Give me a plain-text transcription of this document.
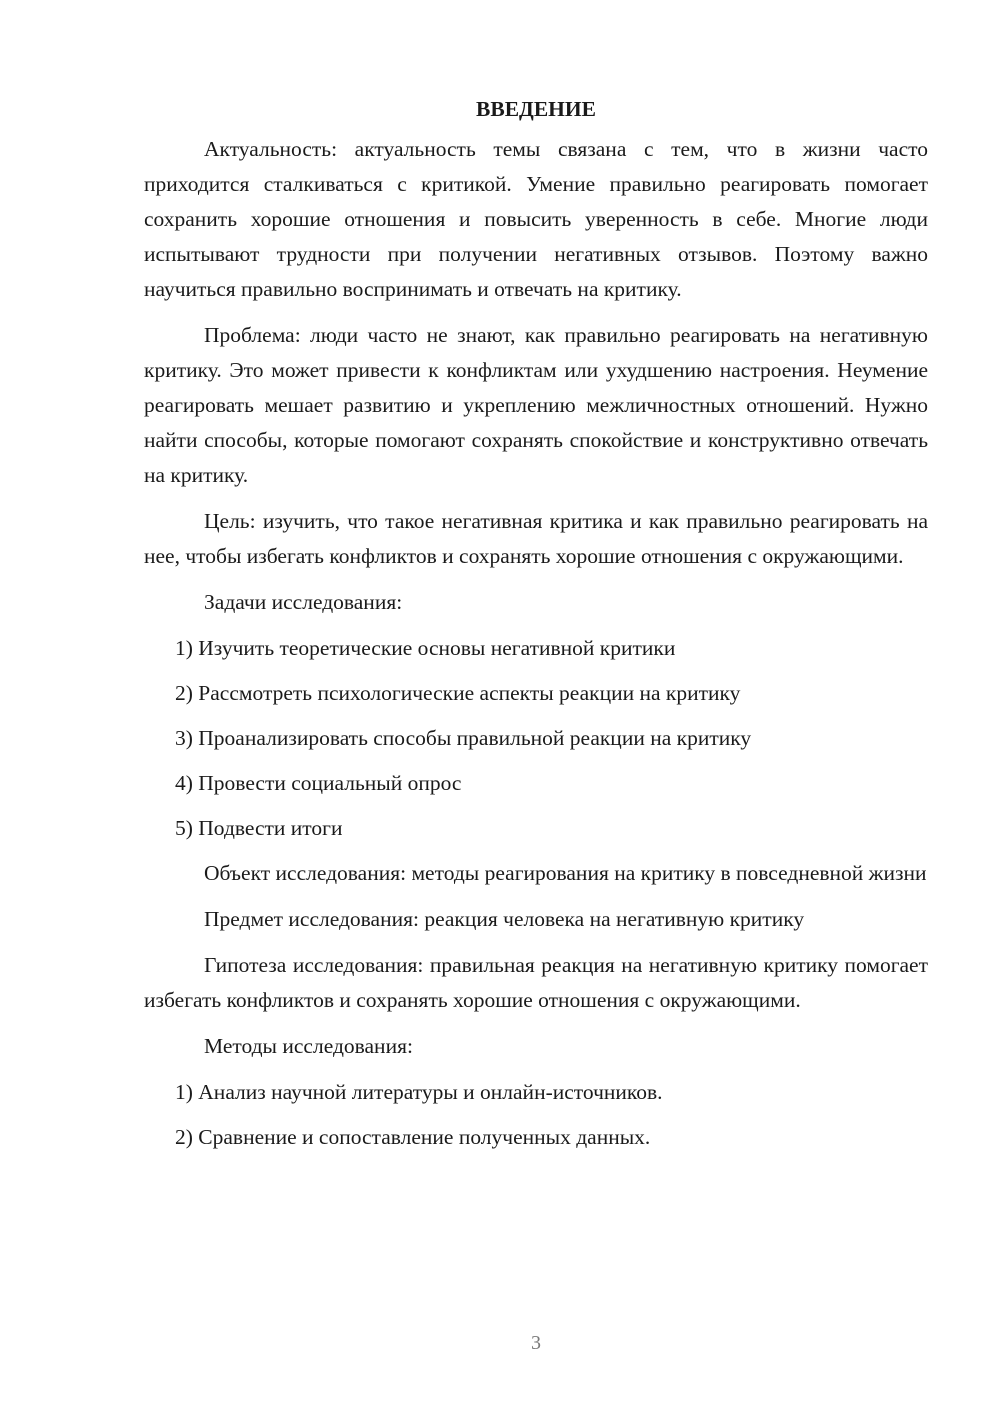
ВВЕДЕНИЕ

Актуальность: актуальность темы связана с тем, что в жизни часто приходится сталкиваться с критикой. Умение правильно реагировать помогает сохранить хорошие отношения и повысить уверенность в себе. Многие люди испытывают трудности при получении негативных отзывов. Поэтому важно научиться правильно воспринимать и отвечать на критику.

Проблема: люди часто не знают, как правильно реагировать на негативную критику. Это может привести к конфликтам или ухудшению настроения. Неумение реагировать мешает развитию и укреплению межличностных отношений. Нужно найти способы, которые помогают сохранять спокойствие и конструктивно отвечать на критику.

Цель: изучить, что такое негативная критика и как правильно реагировать на нее, чтобы избегать конфликтов и сохранять хорошие отношения с окружающими.

Задачи исследования:

1) Изучить теоретические основы негативной критики
2) Рассмотреть психологические аспекты реакции на критику
3) Проанализировать способы правильной реакции на критику
4) Провести социальный опрос
5) Подвести итоги

Объект исследования: методы реагирования на критику в повседневной жизни

Предмет исследования: реакция человека на негативную критику

Гипотеза исследования: правильная реакция на негативную критику помогает избегать конфликтов и сохранять хорошие отношения с окружающими.

Методы исследования:

1) Анализ научной литературы и онлайн-источников.
2) Сравнение и сопоставление полученных данных.
3
